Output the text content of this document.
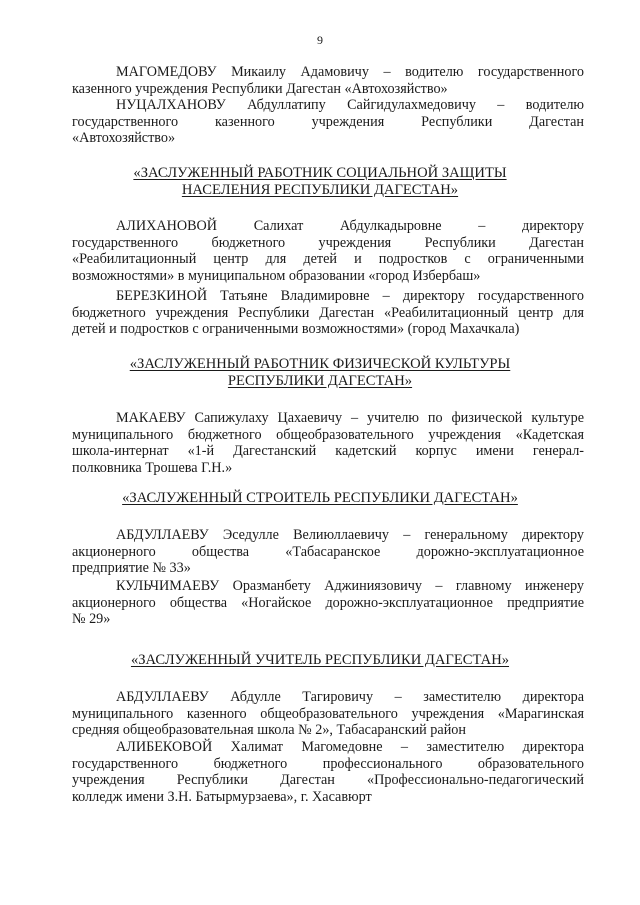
9
МАГОМЕДОВУ Микаилу Адамовичу – водителю государственного
казенного учреждения Республики Дагестан «Автохозяйство»
НУЦАЛХАНОВУ Абдуллатипу Сайгидулахмедовичу – водителю
государственного казенного учреждения Республики Дагестан
«Автохозяйство»
«ЗАСЛУЖЕННЫЙ РАБОТНИК СОЦИАЛЬНОЙ ЗАЩИТЫ
НАСЕЛЕНИЯ РЕСПУБЛИКИ ДАГЕСТАН»
АЛИХАНОВОЙ Салихат Абдулкадыровне – директору
государственного бюджетного учреждения Республики Дагестан
«Реабилитационный центр для детей и подростков с ограниченными
возможностями» в муниципальном образовании «город Избербаш»
БЕРЕЗКИНОЙ Татьяне Владимировне – директору государственного
бюджетного учреждения Республики Дагестан «Реабилитационный центр для
детей и подростков с ограниченными возможностями» (город Махачкала)
«ЗАСЛУЖЕННЫЙ РАБОТНИК ФИЗИЧЕСКОЙ КУЛЬТУРЫ
РЕСПУБЛИКИ ДАГЕСТАН»
МАКАЕВУ Сапижулаху Цахаевичу – учителю по физической культуре
муниципального бюджетного общеобразовательного учреждения «Кадетская
школа-интернат «1-й Дагестанский кадетский корпус имени генерал-
полковника Трошева Г.Н.»
«ЗАСЛУЖЕННЫЙ СТРОИТЕЛЬ РЕСПУБЛИКИ ДАГЕСТАН»
АБДУЛЛАЕВУ Эседулле Велиюллаевичу – генеральному директору
акционерного общества «Табасаранское дорожно-эксплуатационное
предприятие № 33»
КУЛЬЧИМАЕВУ Оразманбету Аджиниязовичу – главному инженеру
акционерного общества «Ногайское дорожно-эксплуатационное предприятие
№ 29»
«ЗАСЛУЖЕННЫЙ УЧИТЕЛЬ РЕСПУБЛИКИ ДАГЕСТАН»
АБДУЛЛАЕВУ Абдулле Тагировичу – заместителю директора
муниципального казенного общеобразовательного учреждения «Марагинская
средняя общеобразовательная школа № 2», Табасаранский район
АЛИБЕКОВОЙ Халимат Магомедовне – заместителю директора
государственного бюджетного профессионального образовательного
учреждения Республики Дагестан «Профессионально-педагогический
колледж имени З.Н. Батырмурзаева», г. Хасавюрт
